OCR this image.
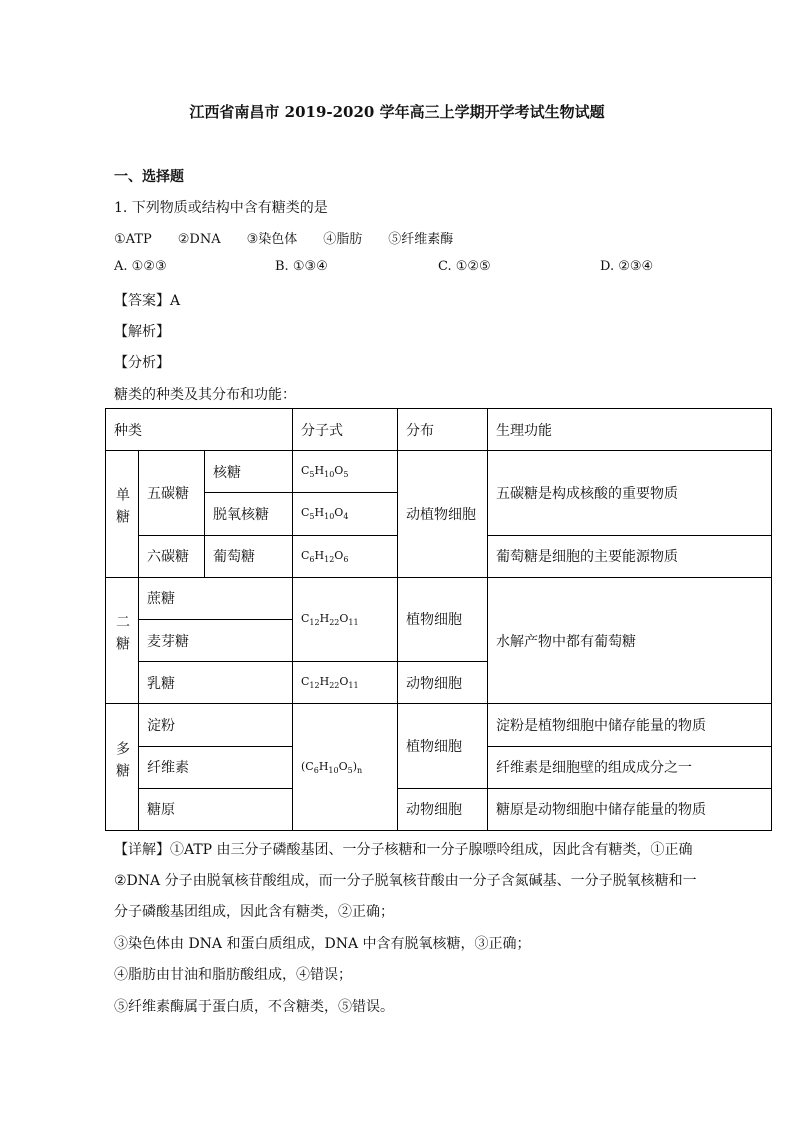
江西省南昌市 2019-2020 学年高三上学期开学考试生物试题
一、选择题
1. 下列物质或结构中含有糖类的是
①ATP　　②DNA　　③染色体　　④脂肪　　⑤纤维素酶
A. ①②③	B. ①③④	C. ①②⑤	D. ②③④
【答案】A
【解析】
【分析】
糖类的种类及其分布和功能：
种类			分子式	分布	生理功能
单糖	五碳糖	核糖	$C_5H_{10}O_5$	动植物细胞	五碳糖是构成核酸的重要物质
		脱氧核糖	$C_5H_{10}O_4$
	六碳糖	葡萄糖	$C_6H_{12}O_6$		葡萄糖是细胞的主要能源物质
二糖	蔗糖		$C_{12}H_{22}O_{11}$	植物细胞	水解产物中都有葡萄糖
	麦芽糖				
	乳糖		$C_{12}H_{22}O_{11}$	动物细胞	
多糖	淀粉		$(C_6H_{10}O_5)_n$	植物细胞	淀粉是植物细胞中储存能量的物质
	纤维素				纤维素是细胞壁的组成成分之一
	糖原			动物细胞	糖原是动物细胞中储存能量的物质
【详解】①ATP 由三分子磷酸基团、一分子核糖和一分子腺嘌呤组成，因此含有糖类，①正确
②DNA 分子由脱氧核苷酸组成，而一分子脱氧核苷酸由一分子含氮碱基、一分子脱氧核糖和一
分子磷酸基团组成，因此含有糖类，②正确；
③染色体由 DNA 和蛋白质组成，DNA 中含有脱氧核糖，③正确；
④脂肪由甘油和脂肪酸组成，④错误；
⑤纤维素酶属于蛋白质，不含糖类，⑤错误。
